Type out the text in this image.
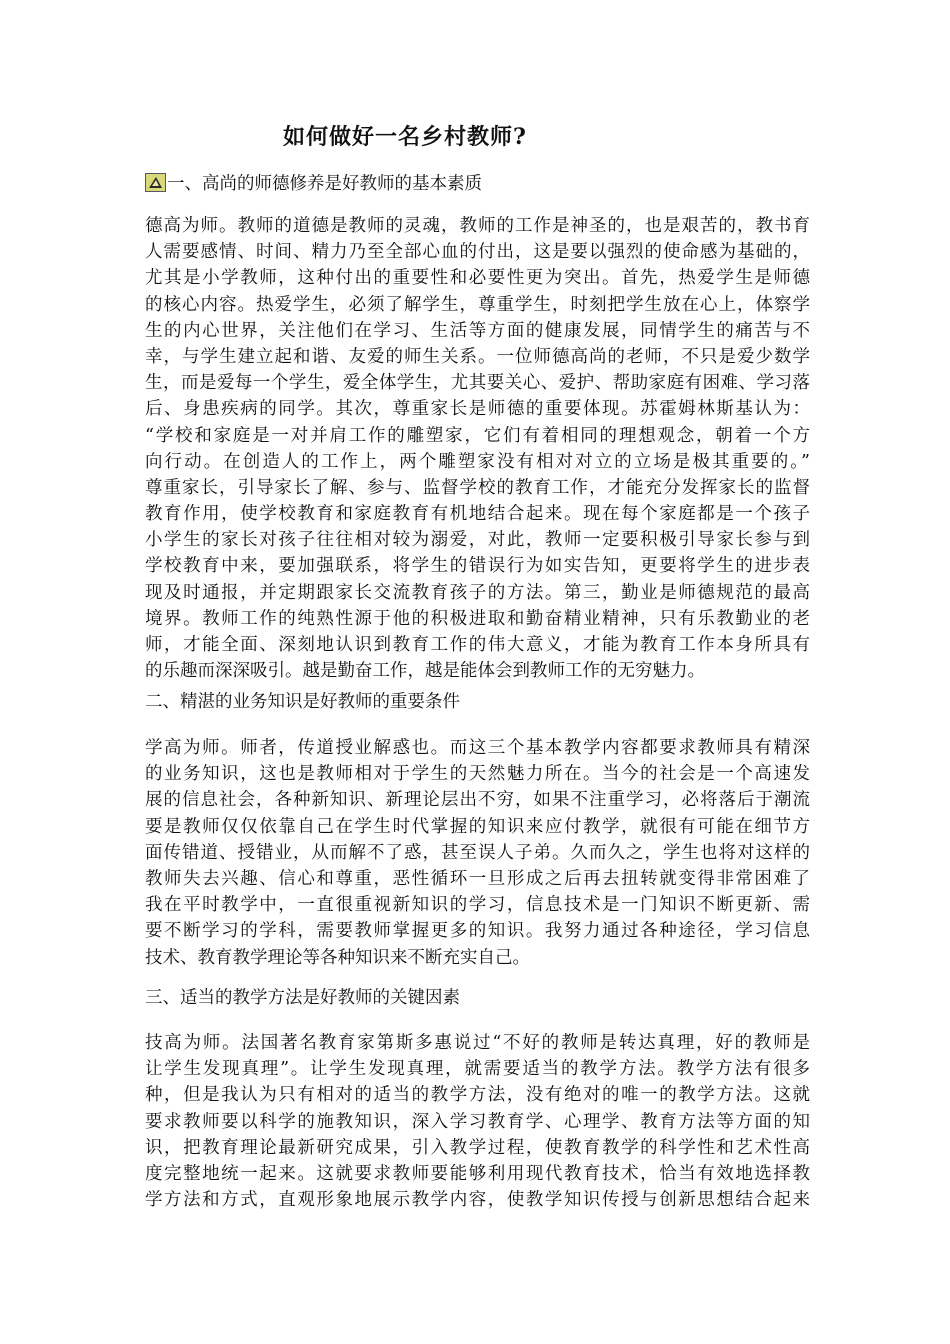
如何做好一名乡村教师?
一、高尚的师德修养是好教师的基本素质
德高为师。教师的道德是教师的灵魂，教师的工作是神圣的，也是艰苦的，教书育
人需要感情、时间、精力乃至全部心血的付出，这是要以强烈的使命感为基础的，
尤其是小学教师，这种付出的重要性和必要性更为突出。首先，热爱学生是师德
的核心内容。热爱学生，必须了解学生，尊重学生，时刻把学生放在心上，体察学
生的内心世界，关注他们在学习、生活等方面的健康发展，同情学生的痛苦与不
幸，与学生建立起和谐、友爱的师生关系。一位师德高尚的老师，不只是爱少数学
生，而是爱每一个学生，爱全体学生，尤其要关心、爱护、帮助家庭有困难、学习落
后、身患疾病的同学。其次，尊重家长是师德的重要体现。苏霍姆林斯基认为：
“学校和家庭是一对并肩工作的雕塑家，它们有着相同的理想观念，朝着一个方
向行动。在创造人的工作上，两个雕塑家没有相对对立的立场是极其重要的。”
尊重家长，引导家长了解、参与、监督学校的教育工作，才能充分发挥家长的监督
教育作用，使学校教育和家庭教育有机地结合起来。现在每个家庭都是一个孩子
小学生的家长对孩子往往相对较为溺爱，对此，教师一定要积极引导家长参与到
学校教育中来，要加强联系，将学生的错误行为如实告知，更要将学生的进步表
现及时通报，并定期跟家长交流教育孩子的方法。第三，勤业是师德规范的最高
境界。教师工作的纯熟性源于他的积极进取和勤奋精业精神，只有乐教勤业的老
师，才能全面、深刻地认识到教育工作的伟大意义，才能为教育工作本身所具有
的乐趣而深深吸引。越是勤奋工作，越是能体会到教师工作的无穷魅力。
二、精湛的业务知识是好教师的重要条件
学高为师。师者，传道授业解惑也。而这三个基本教学内容都要求教师具有精深
的业务知识，这也是教师相对于学生的天然魅力所在。当今的社会是一个高速发
展的信息社会，各种新知识、新理论层出不穷，如果不注重学习，必将落后于潮流
要是教师仅仅依靠自己在学生时代掌握的知识来应付教学，就很有可能在细节方
面传错道、授错业，从而解不了惑，甚至误人子弟。久而久之，学生也将对这样的
教师失去兴趣、信心和尊重，恶性循环一旦形成之后再去扭转就变得非常困难了
我在平时教学中，一直很重视新知识的学习，信息技术是一门知识不断更新、需
要不断学习的学科，需要教师掌握更多的知识。我努力通过各种途径，学习信息
技术、教育教学理论等各种知识来不断充实自己。
三、适当的教学方法是好教师的关键因素
技高为师。法国著名教育家第斯多惠说过“不好的教师是转达真理，好的教师是
让学生发现真理”。让学生发现真理，就需要适当的教学方法。教学方法有很多
种，但是我认为只有相对的适当的教学方法，没有绝对的唯一的教学方法。这就
要求教师要以科学的施教知识，深入学习教育学、心理学、教育方法等方面的知
识，把教育理论最新研究成果，引入教学过程，使教育教学的科学性和艺术性高
度完整地统一起来。这就要求教师要能够利用现代教育技术，恰当有效地选择教
学方法和方式，直观形象地展示教学内容，使教学知识传授与创新思想结合起来
